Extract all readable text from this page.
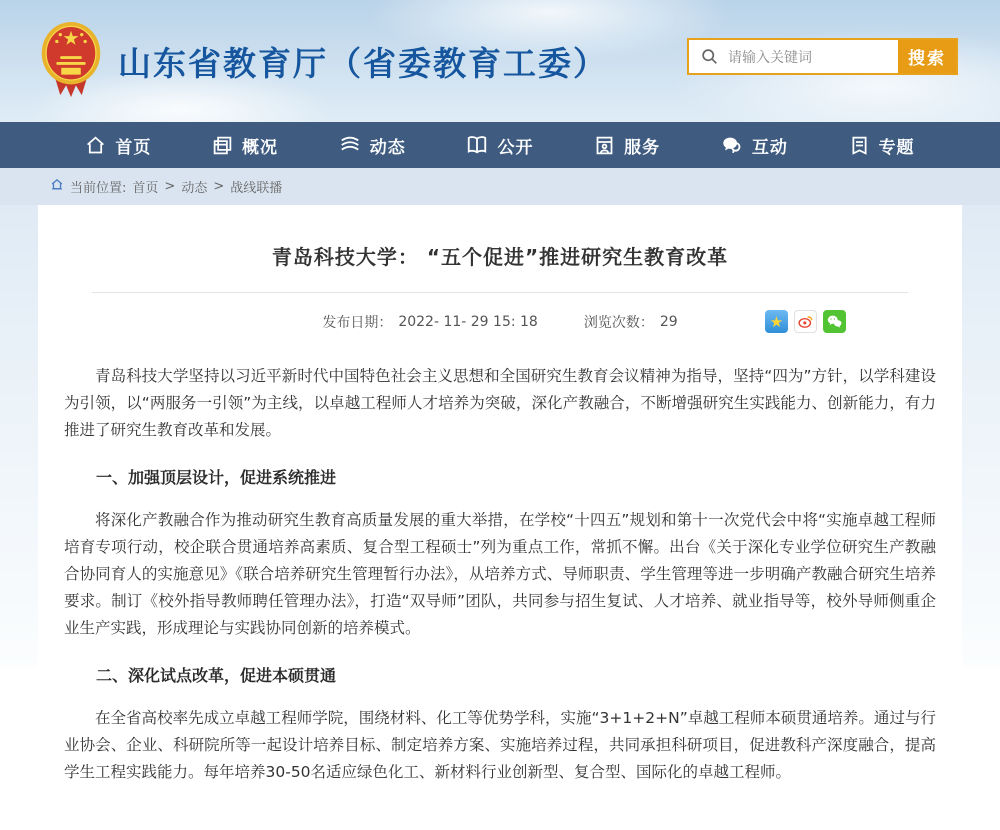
山东省教育厅（省委教育工委）
请输入关键词	搜索
首页	概况	动态	公开	服务	互动	专题
当前位置: 首页 > 动态 > 战线联播
青岛科技大学： “五个促进”推进研究生教育改革
发布日期： 2022- 11- 29 15: 18	浏览次数： 29	★

青岛科技大学坚持以习近平新时代中国特色社会主义思想和全国研究生教育会议精神为指导，坚持“四为”方针，以学科建设为引领，以“两服务一引领”为主线，以卓越工程师人才培养为突破，深化产教融合，不断增强研究生实践能力、创新能力，有力推进了研究生教育改革和发展。

一、加强顶层设计，促进系统推进

将深化产教融合作为推动研究生教育高质量发展的重大举措，在学校“十四五”规划和第十一次党代会中将“实施卓越工程师培育专项行动，校企联合贯通培养高素质、复合型工程硕士”列为重点工作，常抓不懈。出台《关于深化专业学位研究生产教融合协同育人的实施意见》《联合培养研究生管理暂行办法》，从培养方式、导师职责、学生管理等进一步明确产教融合研究生培养要求。制订《校外指导教师聘任管理办法》，打造“双导师”团队，共同参与招生复试、人才培养、就业指导等，校外导师侧重企业生产实践，形成理论与实践协同创新的培养模式。

二、深化试点改革，促进本硕贯通

在全省高校率先成立卓越工程师学院，围绕材料、化工等优势学科，实施“3+1+2+N”卓越工程师本硕贯通培养。通过与行业协会、企业、科研院所等一起设计培养目标、制定培养方案、实施培养过程，共同承担科研项目，促进教科产深度融合，提高学生工程实践能力。每年培养30-50名适应绿色化工、新材料行业创新型、复合型、国际化的卓越工程师。
